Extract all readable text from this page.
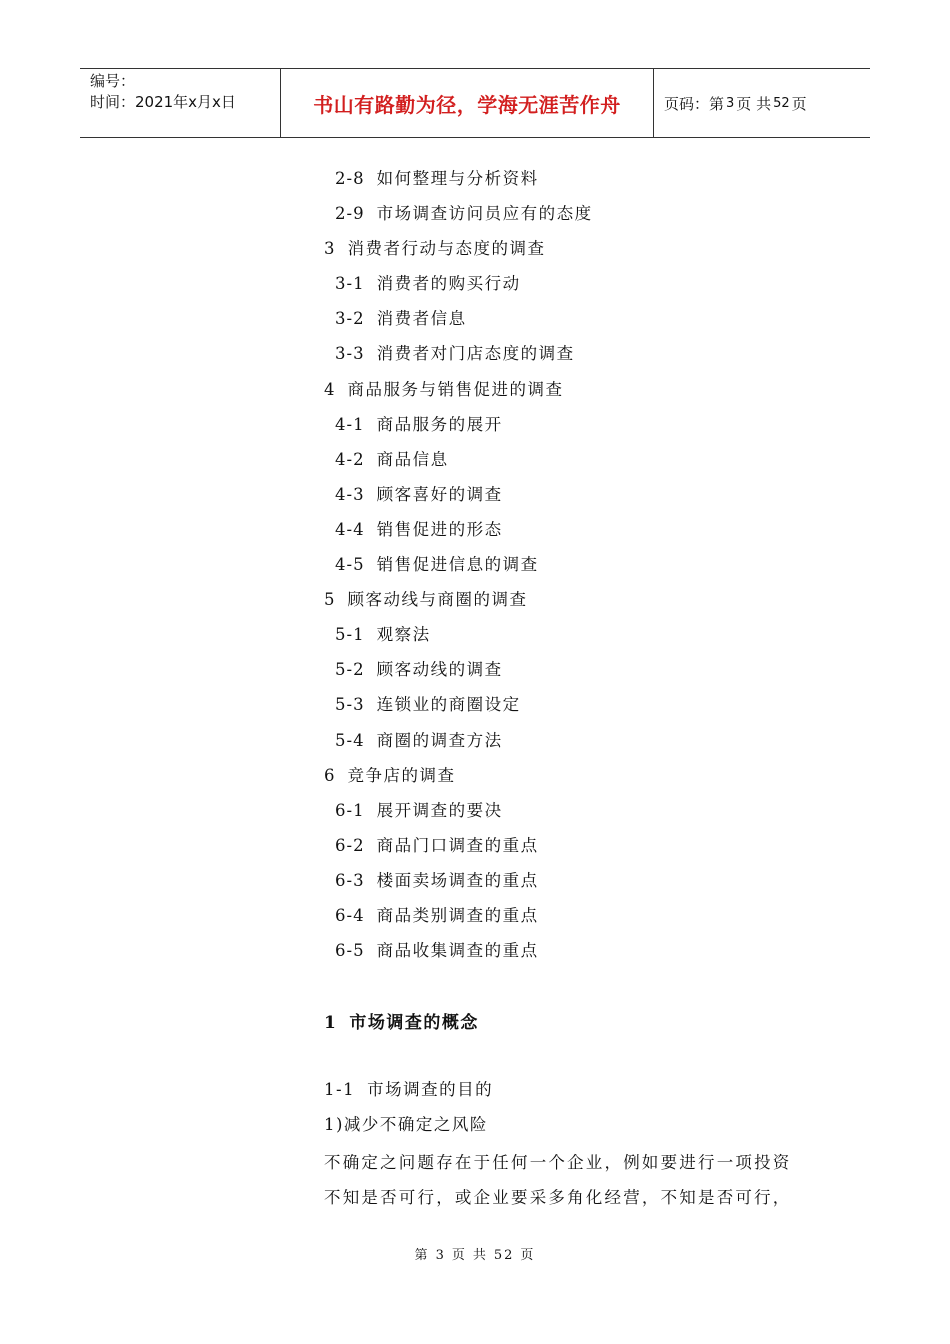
编号：
时间：2021年x月x日	书山有路勤为径，学海无涯苦作舟	页码：第 3 页 共 52 页
2-8 如何整理与分析资料
2-9 市场调查访问员应有的态度
3 消费者行动与态度的调查
3-1 消费者的购买行动
3-2 消费者信息
3-3 消费者对门店态度的调查
4 商品服务与销售促进的调查
4-1 商品服务的展开
4-2 商品信息
4-3 顾客喜好的调查
4-4 销售促进的形态
4-5 销售促进信息的调查
5 顾客动线与商圈的调查
5-1 观察法
5-2 顾客动线的调查
5-3 连锁业的商圈设定
5-4 商圈的调查方法
6 竞争店的调查
6-1 展开调查的要决
6-2 商品门口调查的重点
6-3 楼面卖场调查的重点
6-4 商品类别调查的重点
6-5 商品收集调查的重点
1 市场调查的概念
1-1 市场调查的目的
1)减少不确定之风险
不确定之问题存在于任何一个企业，例如要进行一项投资
不知是否可行，或企业要采多角化经营，不知是否可行，
第 3 页 共 52 页
